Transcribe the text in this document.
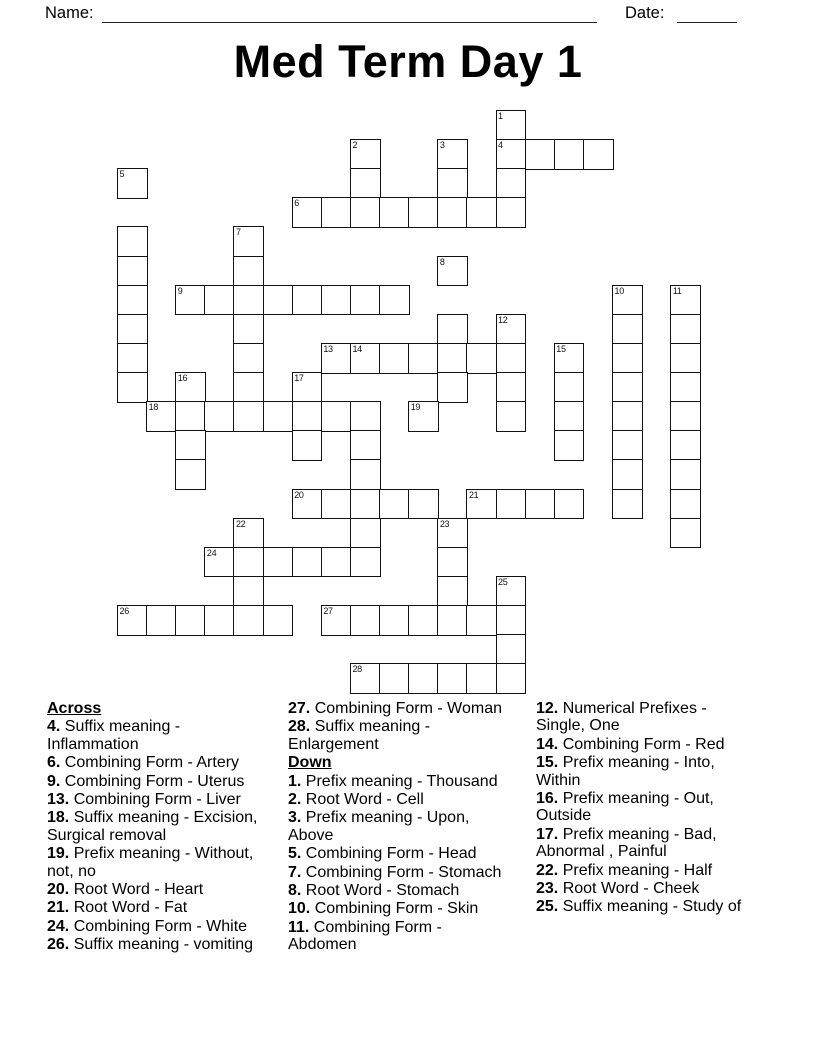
Name:	Date:
Med Term Day 1
1
2	3	4
5
6
7
8
9	10	11
12
13 14	15
16	17
18	19
20	21
22	23
24
25
26	27
28
Across
4. Suffix meaning -
Inflammation
6. Combining Form - Artery
9. Combining Form - Uterus
13. Combining Form - Liver
18. Suffix meaning - Excision,
Surgical removal
19. Prefix meaning - Without,
not, no
20. Root Word - Heart
21. Root Word - Fat
24. Combining Form - White
26. Suffix meaning - vomiting
27. Combining Form - Woman
28. Suffix meaning -
Enlargement
Down
1. Prefix meaning - Thousand
2. Root Word - Cell
3. Prefix meaning - Upon,
Above
5. Combining Form - Head
7. Combining Form - Stomach
8. Root Word - Stomach
10. Combining Form - Skin
11. Combining Form -
Abdomen
12. Numerical Prefixes -
Single, One
14. Combining Form - Red
15. Prefix meaning - Into,
Within
16. Prefix meaning - Out,
Outside
17. Prefix meaning - Bad,
Abnormal , Painful
22. Prefix meaning - Half
23. Root Word - Cheek
25. Suffix meaning - Study of
